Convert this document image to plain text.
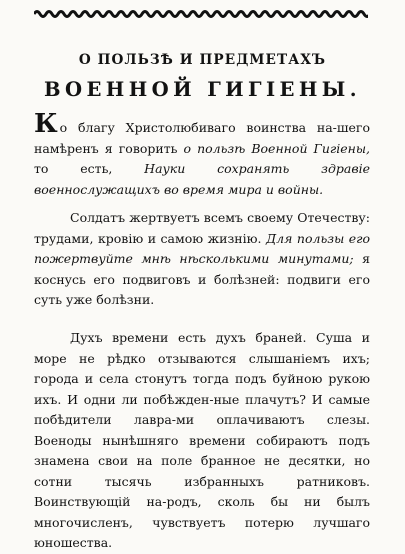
О ПОЛЬЗѢ И ПРЕДМЕТАХЪ
ВОЕННОЙ ГИГIЕНЫ.
Ко благу Христолюбиваго воинства на-шего намѣренъ я говорить о пользѣ Военной Гигiены, то есть, Науки сохранять здравiе военнослужащихъ во время мира и войны.
Солдатъ жертвуетъ всемъ своему Отечеству: трудами, кровiю и самою жизнiю. Для пользы его пожертвуйте мнѣ нѣсколькими минутами; я коснусь его подвиговъ и болѣзней: подвиги его суть уже болѣзни.
Духъ времени есть духъ браней. Суша и море не рѣдко отзываются слышанiемъ ихъ; города и села стонутъ тогда подъ буйною рукою ихъ. И одни ли побѣжден-ные плачутъ? И самые побѣдители лавра-ми оплачиваютъ слезы. Военоды нынѣшняго времени собираютъ подъ знамена свои на поле бранное не десятки, но сотни тысячь избранныхъ ратниковъ. Воинствующiй на-родъ, сколь бы ни былъ многочисленъ, чувствуетъ потерю лучшаго юношества.
